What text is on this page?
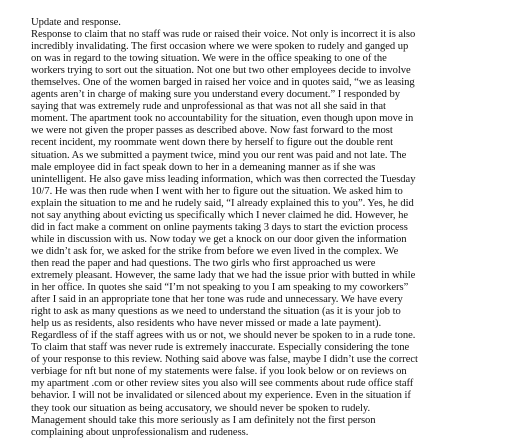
Update and response.
Response to claim that no staff was rude or raised their voice. Not only is incorrect it is also
incredibly invalidating. The first occasion where we were spoken to rudely and ganged up
on was in regard to the towing situation. We were in the office speaking to one of the
workers trying to sort out the situation. Not one but two other employees decide to involve
themselves. One of the women barged in raised her voice and in quotes said, “we as leasing
agents aren’t in charge of making sure you understand every document.” I responded by
saying that was extremely rude and unprofessional as that was not all she said in that
moment. The apartment took no accountability for the situation, even though upon move in
we were not given the proper passes as described above. Now fast forward to the most
recent incident, my roommate went down there by herself to figure out the double rent
situation. As we submitted a payment twice, mind you our rent was paid and not late. The
male employee did in fact speak down to her in a demeaning manner as if she was
unintelligent. He also gave miss leading information, which was then corrected the Tuesday
10/7. He was then rude when I went with her to figure out the situation. We asked him to
explain the situation to me and he rudely said, “I already explained this to you”. Yes, he did
not say anything about evicting us specifically which I never claimed he did. However, he
did in fact make a comment on online payments taking 3 days to start the eviction process
while in discussion with us. Now today we get a knock on our door given the information
we didn’t ask for, we asked for the strike from before we even lived in the complex. We
then read the paper and had questions. The two girls who first approached us were
extremely pleasant. However, the same lady that we had the issue prior with butted in while
in her office. In quotes she said “I’m not speaking to you I am speaking to my coworkers”
after I said in an appropriate tone that her tone was rude and unnecessary. We have every
right to ask as many questions as we need to understand the situation (as it is your job to
help us as residents, also residents who have never missed or made a late payment).
Regardless of if the staff agrees with us or not, we should never be spoken to in a rude tone.
To claim that staff was never rude is extremely inaccurate. Especially considering the tone
of your response to this review. Nothing said above was false, maybe I didn’t use the correct
verbiage for nft but none of my statements were false. if you look below or on reviews on
my apartment .com or other review sites you also will see comments about rude office staff
behavior. I will not be invalidated or silenced about my experience. Even in the situation if
they took our situation as being accusatory, we should never be spoken to rudely.
Management should take this more seriously as I am definitely not the first person
complaining about unprofessionalism and rudeness.
